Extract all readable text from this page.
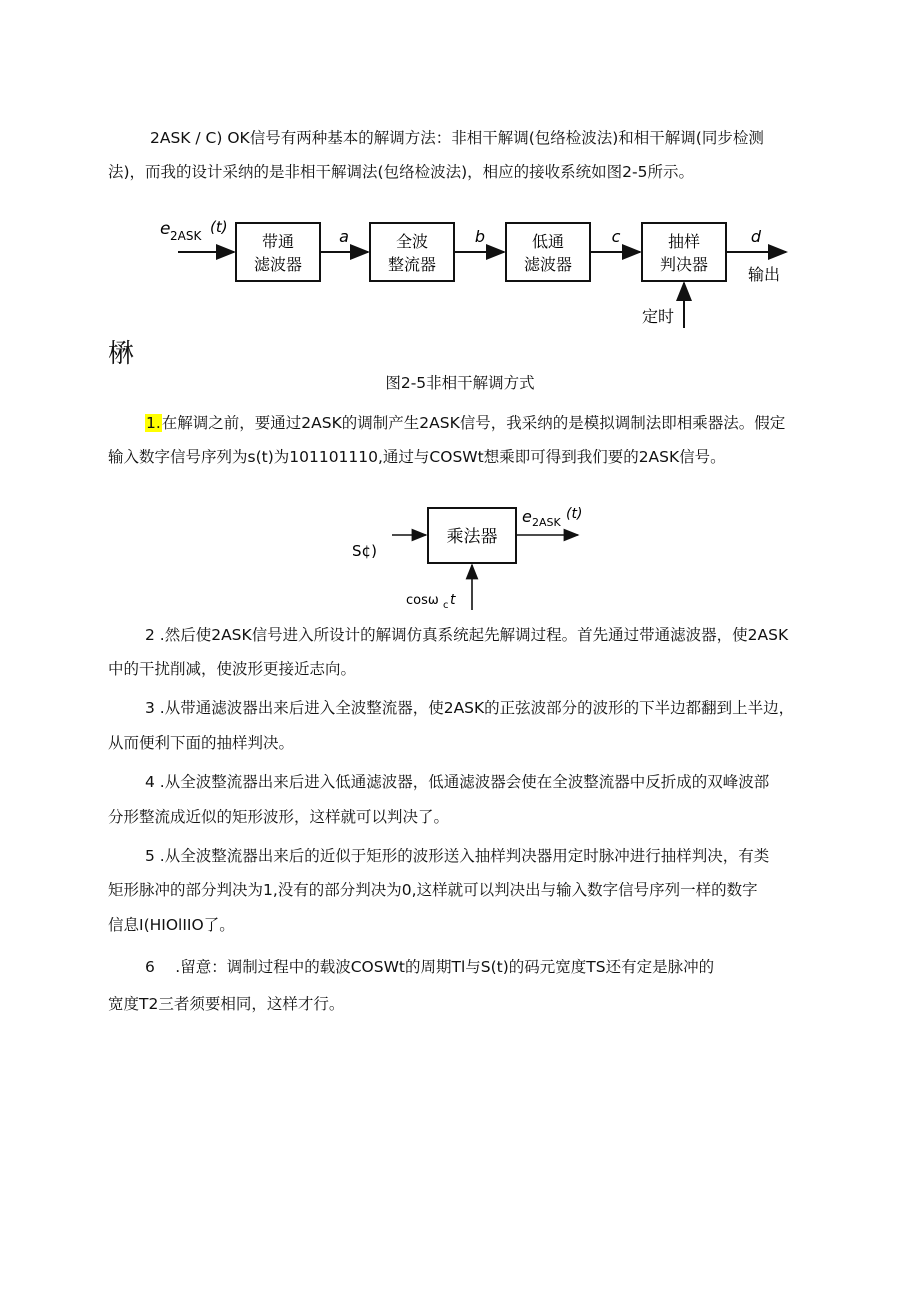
2ASK / C) OK信号有两种基本的解调方法：非相干解调(包络检波法)和相干解调(同步检测
法)，而我的设计采纳的是非相干解调法(包络检波法)，相应的接收系统如图2-5所示。
e 2ASK (t)
带通
滤波器
a	全波
整流器
b	低通
滤波器
c	抽样
判决器
d
输出
定时
楙
图2-5非相干解调方式
1.在解调之前，要通过2ASK的调制产生2ASK信号，我采纳的是模拟调制法即相乘器法。假定
输入数字信号序列为s(t)为101101110,通过与COSWt想乘即可得到我们要的2ASK信号。
S¢)
乘法器
e 2ASK
(t)
cosω c t
2 .然后使2ASK信号进入所设计的解调仿真系统起先解调过程。首先通过带通滤波器，使2ASK
中的干扰削减，使波形更接近志向。
3 .从带通滤波器出来后进入全波整流器，使2ASK的正弦波部分的波形的下半边都翻到上半边，
从而便利下面的抽样判决。
4 .从全波整流器出来后进入低通滤波器，低通滤波器会使在全波整流器中反折成的双峰波部
分形整流成近似的矩形波形，这样就可以判决了。
5 .从全波整流器出来后的近似于矩形的波形送入抽样判决器用定时脉冲进行抽样判决，有类
矩形脉冲的部分判决为1,没有的部分判决为0,这样就可以判决出与输入数字信号序列一样的数字
信息I(HIOlIIO了。
6　 .留意：调制过程中的载波COSWt的周期Tl与S(t)的码元宽度TS还有定是脉冲的
宽度T2三者须要相同，这样才行。
